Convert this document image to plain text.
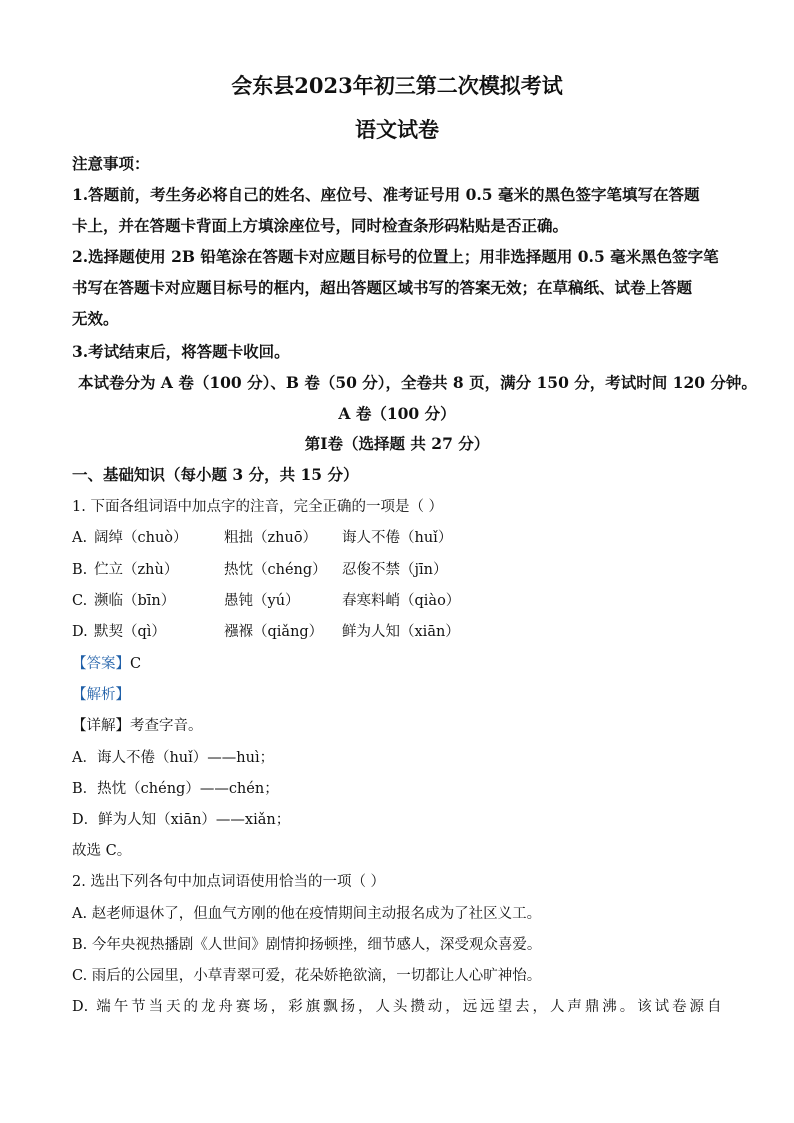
会东县2023年初三第二次模拟考试
语文试卷
注意事项：
1.答题前，考生务必将自己的姓名、座位号、准考证号用 0.5 毫米的黑色签字笔填写在答题
卡上，并在答题卡背面上方填涂座位号，同时检查条形码粘贴是否正确。
2.选择题使用 2B 铅笔涂在答题卡对应题目标号的位置上；用非选择题用 0.5 毫米黑色签字笔
书写在答题卡对应题目标号的框内，超出答题区域书写的答案无效；在草稿纸、试卷上答题
无效。
3.考试结束后，将答题卡收回。
本试卷分为 A 卷（100 分）、B 卷（50 分），全卷共 8 页，满分 150 分，考试时间 120 分钟。
A 卷（100 分）
第Ⅰ卷（选择题 共 27 分）
一、基础知识（每小题 3 分，共 15 分）
1. 下面各组词语中加点字的注音，完全正确的一项是（ ）
A. 阔绰（chuò）	粗拙（zhuō） 诲人不倦（huǐ）
B. 伫立（zhù）	热忱（chéng） 忍俊不禁（jīn）
C. 濒临（bīn）	愚钝（yú）	春寒料峭（qiào）
D. 默契（qì）	襁褓（qiǎng） 鲜为人知（xiān）
【答案】C
【解析】
【详解】考查字音。
A．诲人不倦（huǐ）——huì；
B．热忱（chéng）——chén；
D．鲜为人知（xiān）——xiǎn；
故选 C。
2. 选出下列各句中加点词语使用恰当的一项（ ）
A. 赵老师退休了，但血气方刚的他在疫情期间主动报名成为了社区义工。
B. 今年央视热播剧《人世间》剧情抑扬顿挫，细节感人，深受观众喜爱。
C. 雨后的公园里，小草青翠可爱，花朵娇艳欲滴，一切都让人心旷神怡。
D. 端午节当天的龙舟赛场，彩旗飘扬，人头攒动，远远望去，人声鼎沸。该试卷源自
